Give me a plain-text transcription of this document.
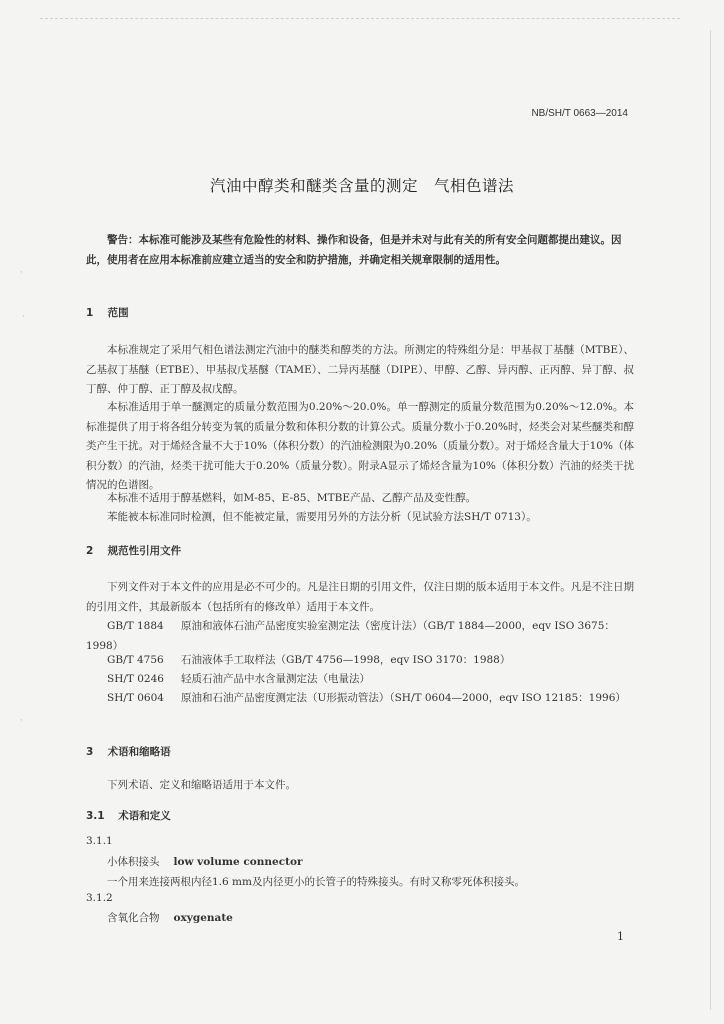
·
·
·
NB/SH/T 0663—2014
汽油中醇类和醚类含量的测定　气相色谱法
警告：本标准可能涉及某些有危险性的材料、操作和设备，但是并未对与此有关的所有安全问题都提出建议。因此，使用者在应用本标准前应建立适当的安全和防护措施，并确定相关规章限制的适用性。
1 范围
本标准规定了采用气相色谱法测定汽油中的醚类和醇类的方法。所测定的特殊组分是：甲基叔丁基醚（MTBE）、乙基叔丁基醚（ETBE）、甲基叔戊基醚（TAME）、二异丙基醚（DIPE）、甲醇、乙醇、异丙醇、正丙醇、异丁醇、叔丁醇、仲丁醇、正丁醇及叔戊醇。
本标准适用于单一醚测定的质量分数范围为0.20%～20.0%。单一醇测定的质量分数范围为0.20%～12.0%。本标准提供了用于将各组分转变为氧的质量分数和体积分数的计算公式。质量分数小于0.20%时，烃类会对某些醚类和醇类产生干扰。对于烯烃含量不大于10%（体积分数）的汽油检测限为0.20%（质量分数）。对于烯烃含量大于10%（体积分数）的汽油，烃类干扰可能大于0.20%（质量分数）。附录A显示了烯烃含量为10%（体积分数）汽油的烃类干扰情况的色谱图。
本标准不适用于醇基燃料，如M-85、E-85、MTBE产品、乙醇产品及变性醇。
苯能被本标准同时检测，但不能被定量，需要用另外的方法分析（见试验方法SH/T 0713）。
2 规范性引用文件
下列文件对于本文件的应用是必不可少的。凡是注日期的引用文件，仅注日期的版本适用于本文件。凡是不注日期的引用文件，其最新版本（包括所有的修改单）适用于本文件。
GB/T 1884 原油和液体石油产品密度实验室测定法（密度计法）（GB/T 1884—2000，eqv ISO 3675：1998）
GB/T 4756 石油液体手工取样法（GB/T 4756—1998，eqv ISO 3170：1988）
SH/T 0246 轻质石油产品中水含量测定法（电量法）
SH/T 0604 原油和石油产品密度测定法（U形振动管法）（SH/T 0604—2000，eqv ISO 12185：1996）
3 术语和缩略语
下列术语、定义和缩略语适用于本文件。
3.1 术语和定义
3.1.1
小体积接头 low volume connector
一个用来连接两根内径1.6 mm及内径更小的长管子的特殊接头。有时又称零死体积接头。
3.1.2
含氧化合物 oxygenate
1
